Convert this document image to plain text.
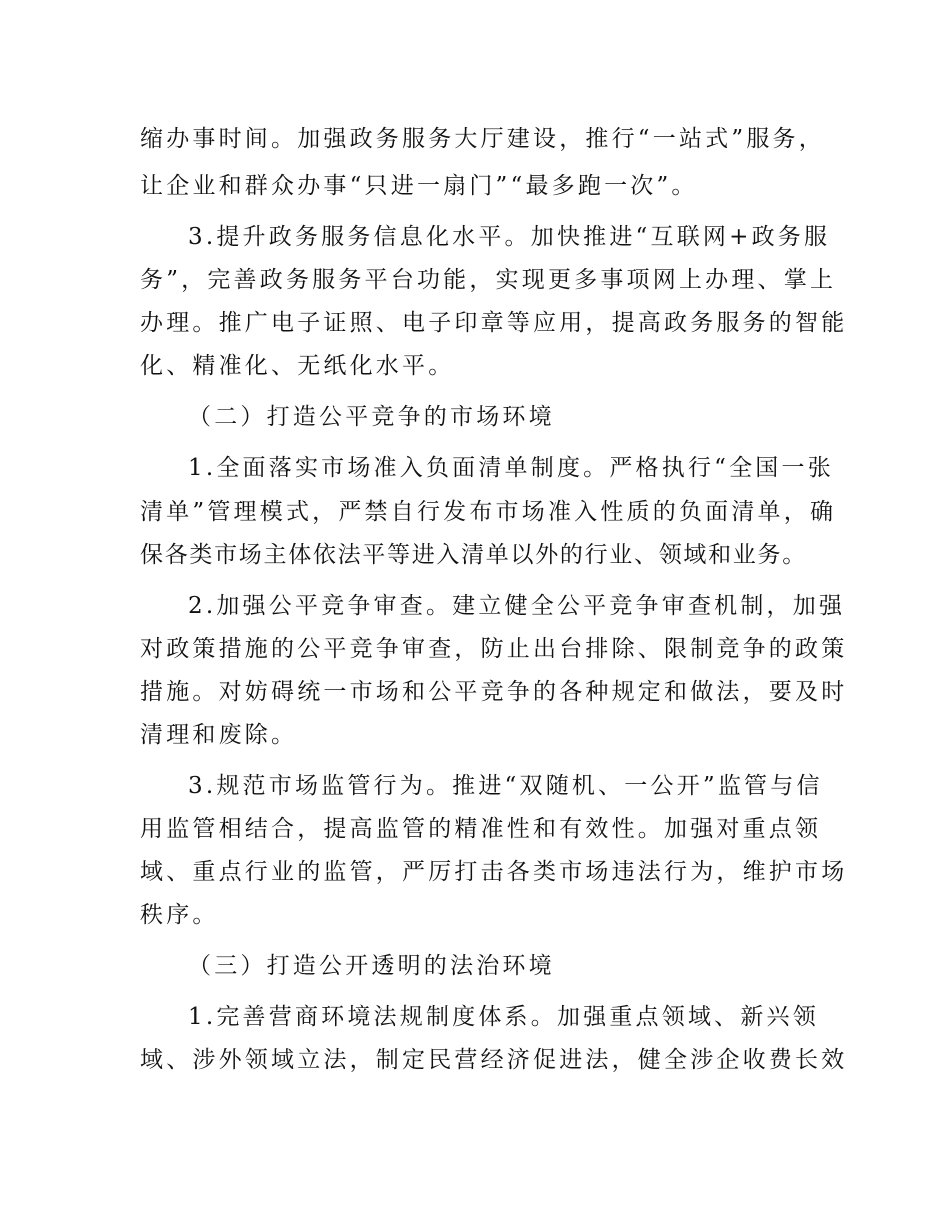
缩办事时间。加强政务服务大厅建设，推行“一站式”服务，
让企业和群众办事“只进一扇门”“最多跑一次”。
3.提升政务服务信息化水平。加快推进“互联网+政务服
务”，完善政务服务平台功能，实现更多事项网上办理、掌上
办理。推广电子证照、电子印章等应用，提高政务服务的智能
化、精准化、无纸化水平。
（二）打造公平竞争的市场环境
1.全面落实市场准入负面清单制度。严格执行“全国一张
清单”管理模式，严禁自行发布市场准入性质的负面清单，确
保各类市场主体依法平等进入清单以外的行业、领域和业务。
2.加强公平竞争审查。建立健全公平竞争审查机制，加强
对政策措施的公平竞争审查，防止出台排除、限制竞争的政策
措施。对妨碍统一市场和公平竞争的各种规定和做法，要及时
清理和废除。
3.规范市场监管行为。推进“双随机、一公开”监管与信
用监管相结合，提高监管的精准性和有效性。加强对重点领
域、重点行业的监管，严厉打击各类市场违法行为，维护市场
秩序。
（三）打造公开透明的法治环境
1.完善营商环境法规制度体系。加强重点领域、新兴领
域、涉外领域立法，制定民营经济促进法，健全涉企收费长效
